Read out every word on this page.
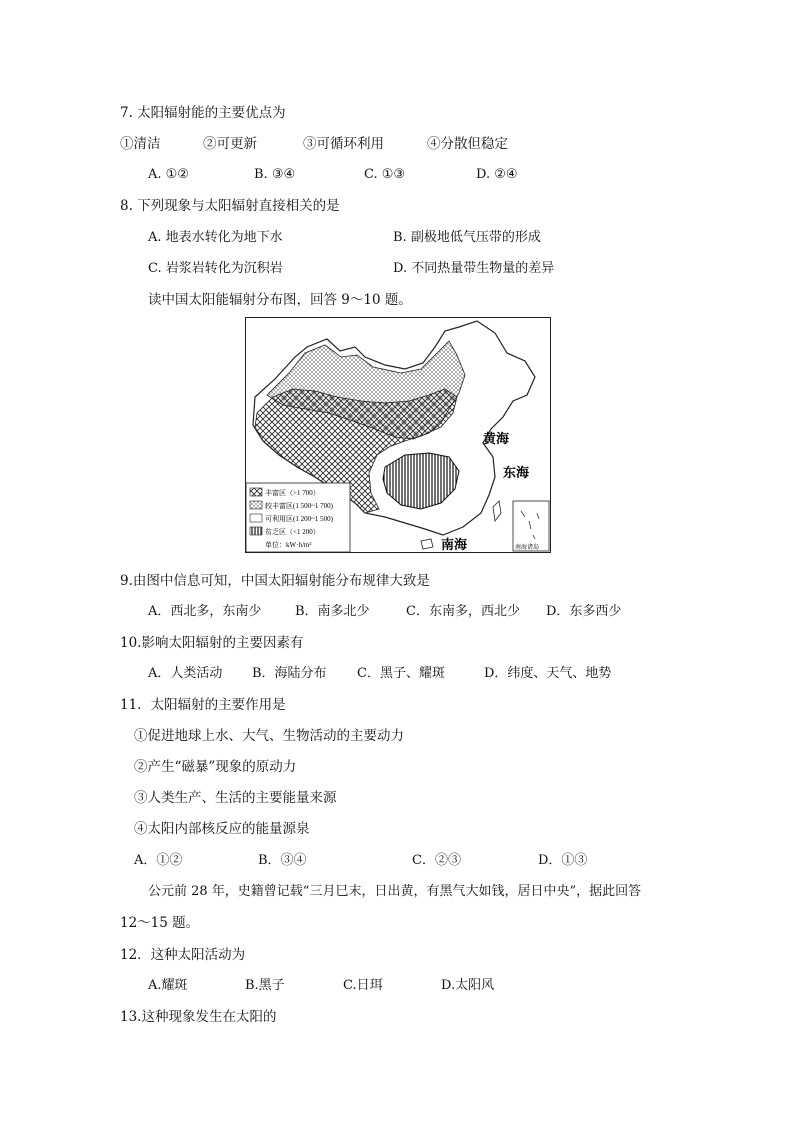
7. 太阳辐射能的主要优点为
①清洁	②可更新	③可循环利用	④分散但稳定
A. ①②	B. ③④	C. ①③	D. ②④
8. 下列现象与太阳辐射直接相关的是
A. 地表水转化为地下水	B. 副极地低气压带的形成
C. 岩浆岩转化为沉积岩	D. 不同热量带生物量的差异
读中国太阳能辐射分布图，回答 9～10 题。
黄海
东海
南海	南海诸岛
丰富区（>1 700）
较丰富区(1 500~1 700)
可利用区(1 200~1 500)
贫乏区（<1 200）
单位：kW·h/m²
9.由图中信息可知，中国太阳辐射能分布规律大致是
A．西北多，东南少	B．南多北少	C．东南多，西北少 D．东多西少
10.影响太阳辐射的主要因素有
A．人类活动 B．海陆分布 C．黑子、耀斑	D．纬度、天气、地势
11．太阳辐射的主要作用是
①促进地球上水、大气、生物活动的主要动力
②产生“磁暴”现象的原动力
③人类生产、生活的主要能量来源
④太阳内部核反应的能量源泉
A．①②	B．③④	C．②③	D．①③
公元前 28 年，史籍曾记载“三月巳末，日出黄，有黑气大如钱，居日中央”，据此回答
12～15 题。
12．这种太阳活动为
A.耀斑	B.黑子	C.日珥	D.太阳风
13.这种现象发生在太阳的
